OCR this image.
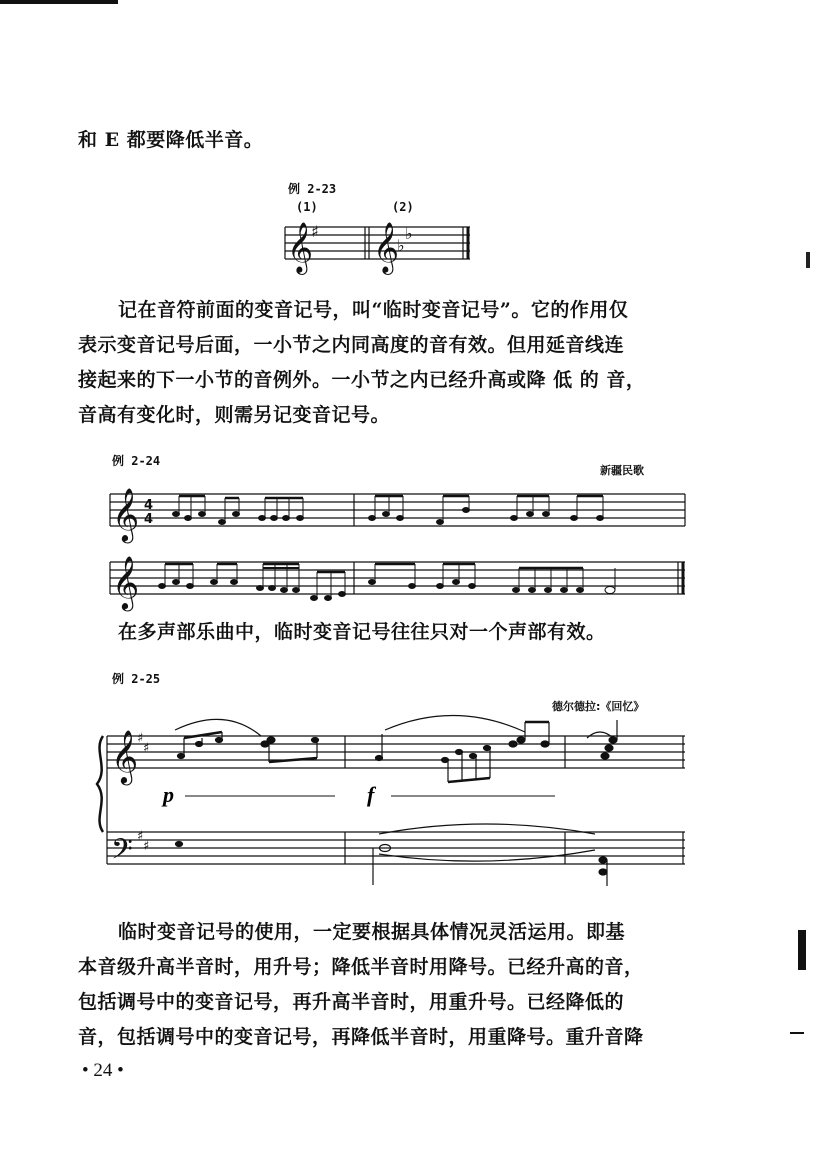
和 E 都要降低半音。
例 2-23
(1)	(2)
𝄞
♯ 𝄞
♭
♭
记在音符前面的变音记号，叫“临时变音记号”。它的作用仅
表示变音记号后面，一小节之内同高度的音有效。但用延音线连
接起来的下一小节的音例外。一小节之内已经升高或降 低 的 音，
音高有变化时，则需另记变音记号。
例 2-24
新疆民歌
𝄞 4
4
𝄞
在多声部乐曲中，临时变音记号往往只对一个声部有效。
例 2-25
德尔德拉:《回忆》
𝄞
𝄢
♯
♯
♯
♯
p	f
临时变音记号的使用，一定要根据具体情况灵活运用。即基
本音级升高半音时，用升号；降低半音时用降号。已经升高的音，
包括调号中的变音记号，再升高半音时，用重升号。已经降低的
音，包括调号中的变音记号，再降低半音时，用重降号。重升音降
• 24 •
